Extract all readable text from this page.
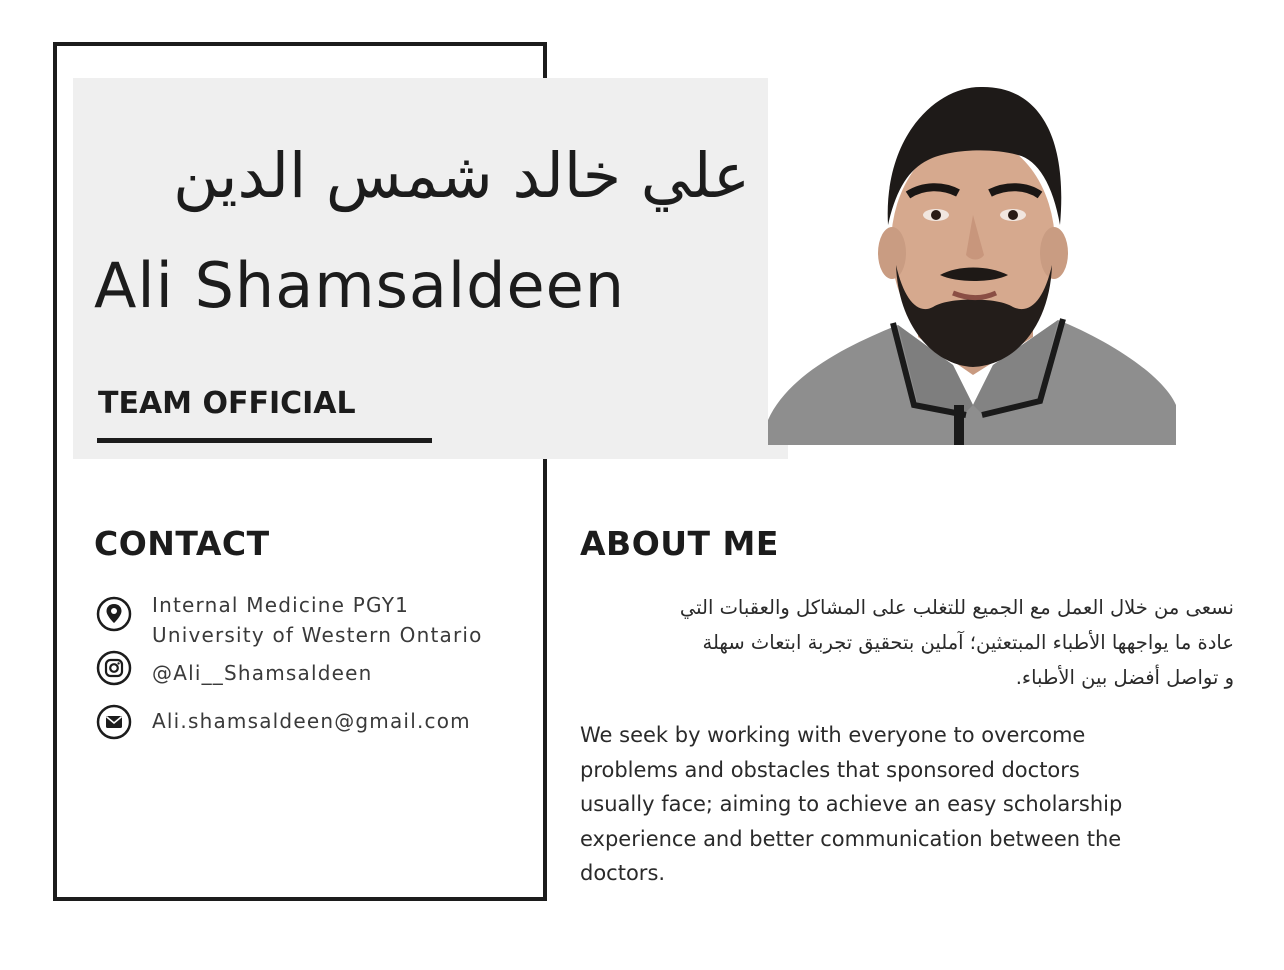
علي خالد شمس الدين
Ali Shamsaldeen
TEAM OFFICIAL
CONTACT
Internal Medicine PGY1
University of Western Ontario
@Ali__Shamsaldeen
Ali.shamsaldeen@gmail.com
ABOUT ME
نسعى من خلال العمل مع الجميع للتغلب على المشاكل والعقبات التي
عادة ما يواجهها الأطباء المبتعثين؛ آملين بتحقيق تجربة ابتعاث سهلة
و تواصل أفضل بين الأطباء.
We seek by working with everyone to overcome
problems and obstacles that sponsored doctors
usually face; aiming to achieve an easy scholarship
experience and better communication between the
doctors.
